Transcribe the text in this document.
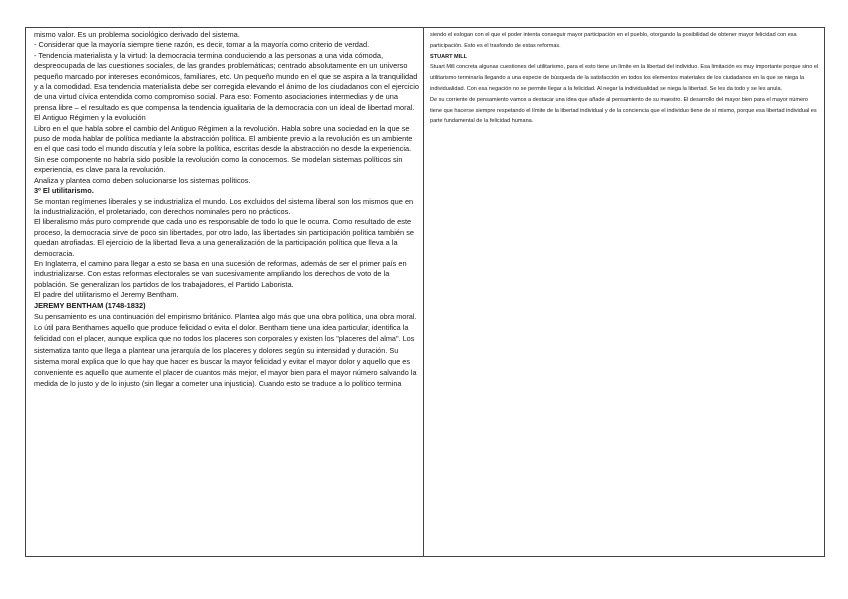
mismo valor. Es un problema sociológico derivado del sistema.

- Considerar que la mayoría siempre tiene razón, es decir, tomar a la mayoría como criterio de verdad.

- Tendencia materialista y la virtud: la democracia termina conduciendo a las personas a una vida cómoda, despreocupada de las cuestiones sociales, de las grandes problemáticas; centrado absolutamente en un universo pequeño marcado por intereses económicos, familiares, etc. Un pequeño mundo en el que se aspira a la tranquilidad y a la comodidad. Esa tendencia materialista debe ser corregida elevando el ánimo de los ciudadanos con el ejercicio de una virtud cívica entendida como compromiso social. Para eso: Fomento asociaciones intermedias y de una prensa libre – el resultado es que compensa la tendencia igualitaria de la democracia con un ideal de libertad moral.

El Antiguo Régimen y la evolución

Libro en el que habla sobre el cambio del Antiguo Régimen a la revolución. Habla sobre una sociedad en la que se puso de moda hablar de política mediante la abstracción política. El ambiente previo a la revolución es un ambiente en el que casi todo el mundo discutía y leía sobre la política, escritas desde la abstracción no desde la experiencia. Sin ese componente no habría sido posible la revolución como la conocemos. Se modelan sistemas políticos sin experiencia, es clave para la revolución.

Analiza y plantea como deben solucionarse los sistemas políticos.

3º El utilitarismo.

Se montan regímenes liberales y se industrializa el mundo. Los excluidos del sistema liberal son los mismos que en la industrialización, el proletariado, con derechos nominales pero no prácticos.

El liberalismo más puro comprende que cada uno es responsable de todo lo que le ocurra. Como resultado de este proceso, la democracia sirve de poco sin libertades, por otro lado, las libertades sin participación política también se quedan atrofiadas. El ejercicio de la libertad lleva a una generalización de la participación política que lleva a la democracia.

En Inglaterra, el camino para llegar a esto se basa en una sucesión de reformas, además de ser el primer país en industrializarse. Con estas reformas electorales se van sucesivamente ampliando los derechos de voto de la población. Se generalizan los partidos de los trabajadores, el Partido Laborista.

El padre del utilitarismo el Jeremy Bentham.

JEREMY BENTHAM (1748-1832)

Su pensamiento es una continuación del empirismo británico. Plantea algo más que una obra política, una obra moral. Lo útil para Benthames aquello que produce felicidad o evita el dolor. Bentham tiene una idea particular, identifica la felicidad con el placer, aunque explica que no todos los placeres son corporales y existen los "placeres del alma". Los sistematiza tanto que llega a plantear una jerarquía de los placeres y dolores según su intensidad y duración. Su sistema moral explica que lo que hay que hacer es buscar la mayor felicidad y evitar el mayor dolor y aquello que es conveniente es aquello que aumente el placer de cuantos más mejor, el mayor bien para el mayor número salvando la medida de lo justo y de lo injusto (sin llegar a cometer una injusticia). Cuando esto se traduce a lo político termina

siendo el eslogan con el que el poder intenta conseguir mayor participación en el pueblo, otorgando la posibilidad de obtener mayor felicidad con esa participación. Esto es el trasfondo de estas reformas.

STUART MILL

Stuart Mill concreta algunas cuestiones del utilitarismo, para el esto tiene un límite en la libertad del individuo. Esa limitación es muy importante porque sino el utilitarismo terminaría llegando a una especie de búsqueda de la satisfacción en todos los elementos materiales de los ciudadanos en la que se niega la individualidad. Con esa negación no se permite llegar a la felicidad. Al negar la individualidad se niega la libertad. Se les da todo y se les anula.

De su corriente de pensamiento vamos a destacar una idea que añade al pensamiento de su maestro. El desarrollo del mayor bien para el mayor número tiene que hacerse siempre respetando el límite de la libertad individual y de la conciencia que el individuo tiene de sí mismo, porque esa libertad individual es parte fundamental de la felicidad humana.
